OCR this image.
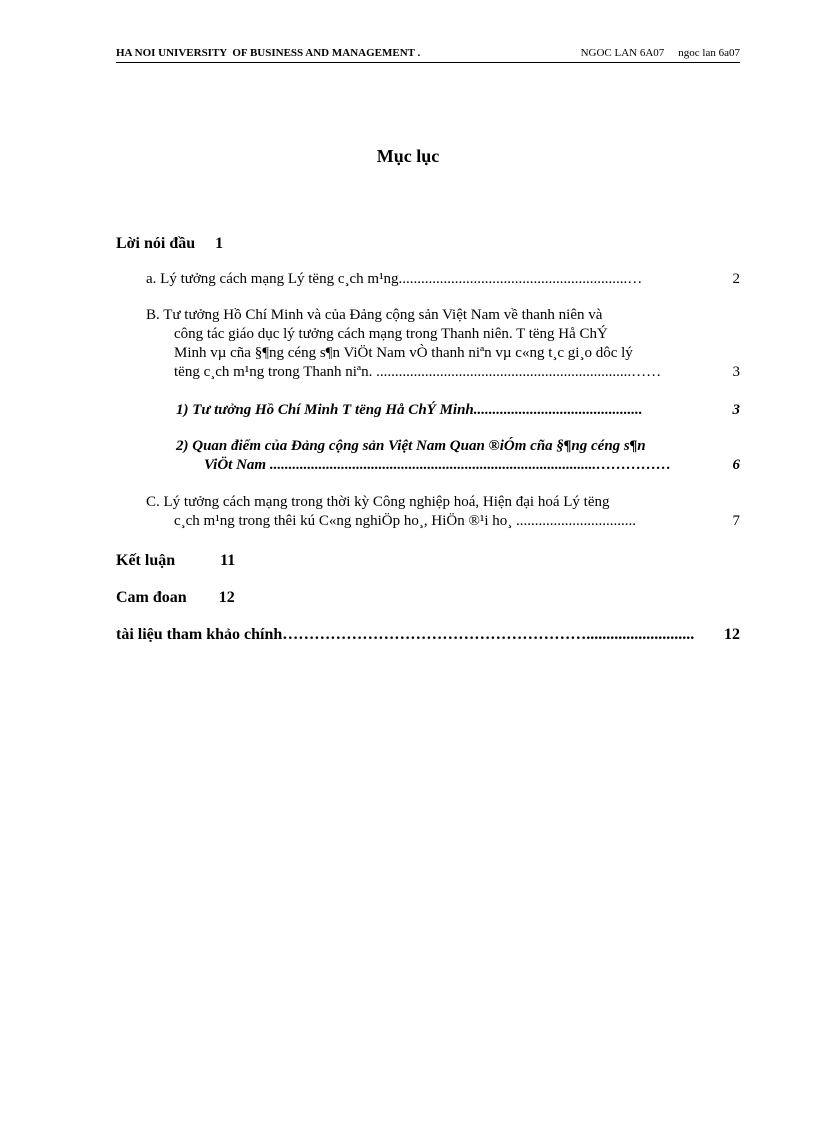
HA NOI UNIVERSITY  OF BUSINESS AND MANAGEMENT .	NGOC LAN 6A07 ngoc lan 6a07
Mục lục
Lời nói đầu 1
a. Lý tưởng cách mạng Lý tëng c¸ch m¹ng.............................................................…	2
B. Tư tưởng Hồ Chí Minh và của Đảng cộng sản Việt Nam về thanh niên và
công tác giáo dục lý tưởng cách mạng trong Thanh niên. T tëng Hå ChÝ
Minh vµ cña §¶ng céng s¶n ViÖt Nam vÒ thanh niªn vµ c«ng t¸c gi¸o dôc lý
tëng c¸ch m¹ng trong Thanh niªn. ....................................................................……	3
1) Tư tưởng Hồ Chí Minh T tëng Hå ChÝ Minh.............................................	3
2) Quan điểm của Đảng cộng sản Việt Nam Quan ®iÓm cña §¶ng céng s¶n
ViÖt Nam .......................................................................................……………	6
C. Lý tưởng cách mạng trong thời kỳ Công nghiệp hoá, Hiện đại hoá Lý tëng
c¸ch m¹ng trong thêi kú C«ng nghiÖp ho¸, HiÖn ®¹i ho¸ ................................	7
Kết luận	11
Cam đoan 12
tài liệu tham khảo chính…………………………………………………........................... 12
